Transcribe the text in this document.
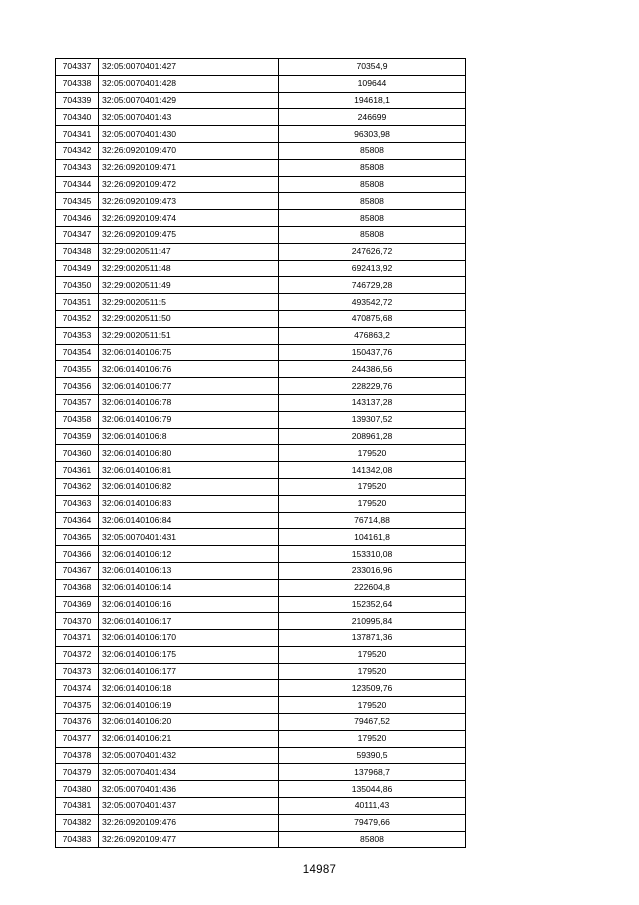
704337	32:05:0070401:427	70354,9
704338	32:05:0070401:428	109644
704339	32:05:0070401:429	194618,1
704340	32:05:0070401:43	246699
704341	32:05:0070401:430	96303,98
704342	32:26:0920109:470	85808
704343	32:26:0920109:471	85808
704344	32:26:0920109:472	85808
704345	32:26:0920109:473	85808
704346	32:26:0920109:474	85808
704347	32:26:0920109:475	85808
704348	32:29:0020511:47	247626,72
704349	32:29:0020511:48	692413,92
704350	32:29:0020511:49	746729,28
704351	32:29:0020511:5	493542,72
704352	32:29:0020511:50	470875,68
704353	32:29:0020511:51	476863,2
704354	32:06:0140106:75	150437,76
704355	32:06:0140106:76	244386,56
704356	32:06:0140106:77	228229,76
704357	32:06:0140106:78	143137,28
704358	32:06:0140106:79	139307,52
704359	32:06:0140106:8	208961,28
704360	32:06:0140106:80	179520
704361	32:06:0140106:81	141342,08
704362	32:06:0140106:82	179520
704363	32:06:0140106:83	179520
704364	32:06:0140106:84	76714,88
704365	32:05:0070401:431	104161,8
704366	32:06:0140106:12	153310,08
704367	32:06:0140106:13	233016,96
704368	32:06:0140106:14	222604,8
704369	32:06:0140106:16	152352,64
704370	32:06:0140106:17	210995,84
704371	32:06:0140106:170	137871,36
704372	32:06:0140106:175	179520
704373	32:06:0140106:177	179520
704374	32:06:0140106:18	123509,76
704375	32:06:0140106:19	179520
704376	32:06:0140106:20	79467,52
704377	32:06:0140106:21	179520
704378	32:05:0070401:432	59390,5
704379	32:05:0070401:434	137968,7
704380	32:05:0070401:436	135044,86
704381	32:05:0070401:437	40111,43
704382	32:26:0920109:476	79479,66
704383	32:26:0920109:477	85808
14987
